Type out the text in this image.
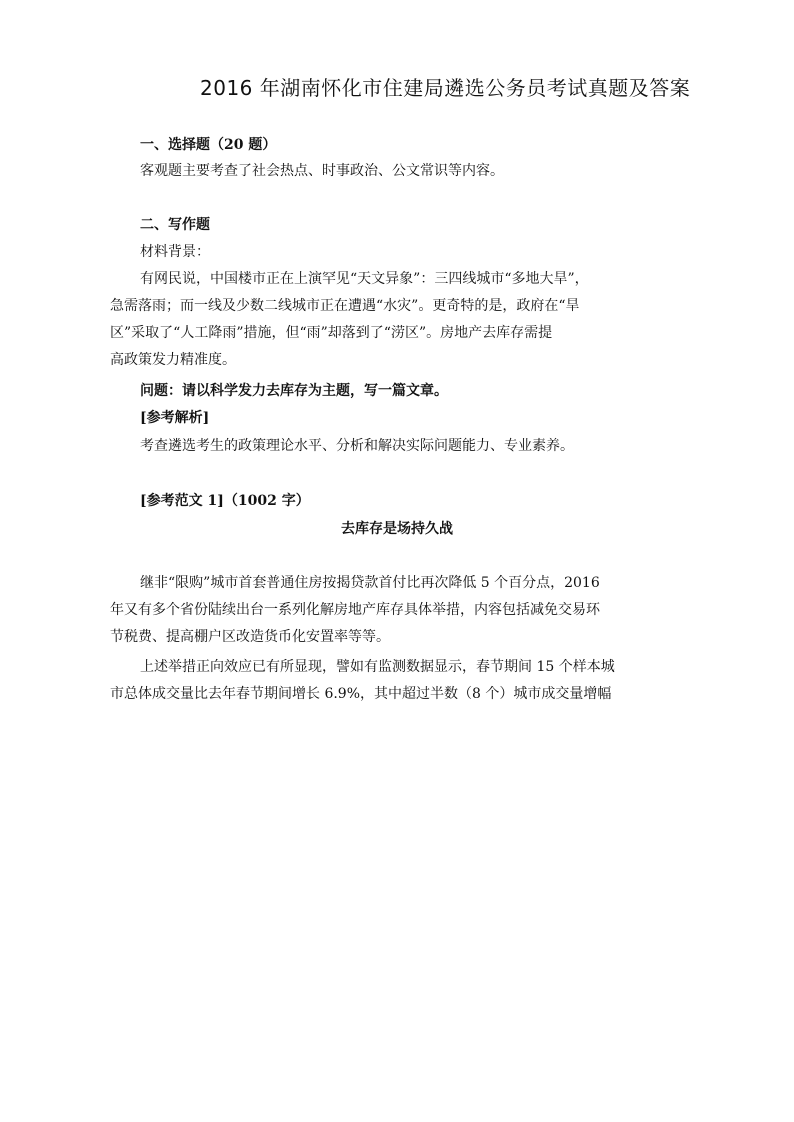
2016 年湖南怀化市住建局遴选公务员考试真题及答案
一、选择题（20 题）
客观题主要考查了社会热点、时事政治、公文常识等内容。
二、写作题
材料背景：
有网民说，中国楼市正在上演罕见“天文异象”：三四线城市“多地大旱”，
急需落雨；而一线及少数二线城市正在遭遇“水灾”。更奇特的是，政府在“旱
区”采取了“人工降雨”措施，但“雨”却落到了“涝区”。房地产去库存需提
高政策发力精准度。
问题：请以科学发力去库存为主题，写一篇文章。
[参考解析]
考查遴选考生的政策理论水平、分析和解决实际问题能力、专业素养。
[参考范文 1]（1002 字）
去库存是场持久战
继非“限购”城市首套普通住房按揭贷款首付比再次降低 5 个百分点，2016
年又有多个省份陆续出台一系列化解房地产库存具体举措，内容包括减免交易环
节税费、提高棚户区改造货币化安置率等等。
上述举措正向效应已有所显现，譬如有监测数据显示，春节期间 15 个样本城
市总体成交量比去年春节期间增长 6.9%，其中超过半数（8 个）城市成交量增幅
